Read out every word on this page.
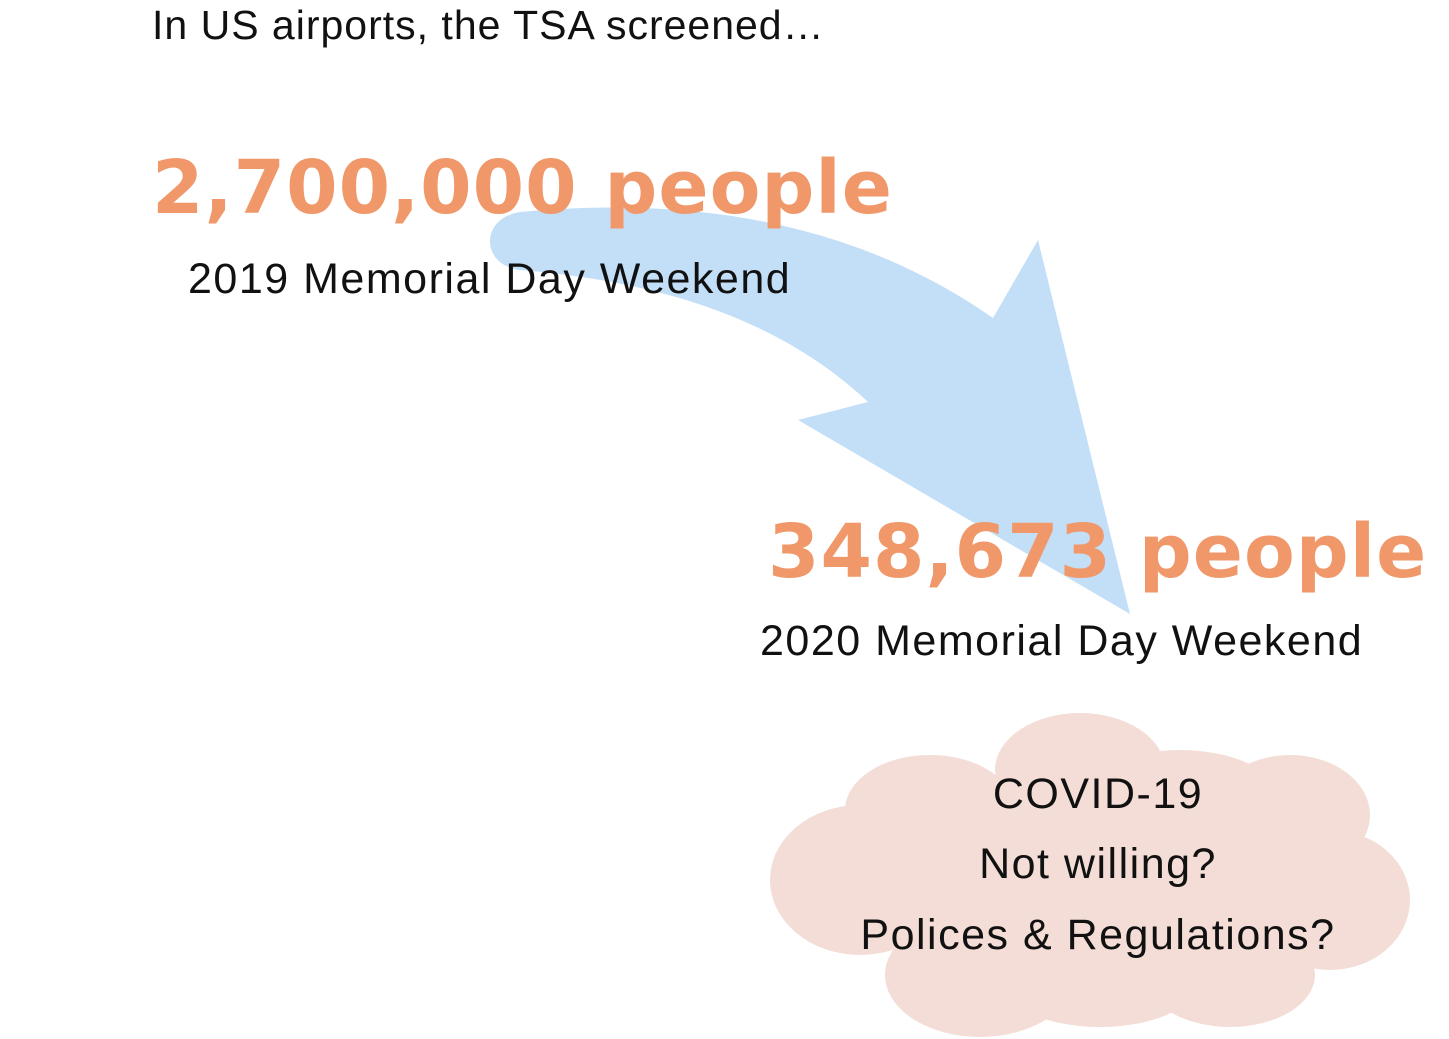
In US airports, the TSA screened…
2,700,000 people
2019 Memorial Day Weekend
348,673 people
2020 Memorial Day Weekend
COVID-19
Not willing?
Polices & Regulations?
